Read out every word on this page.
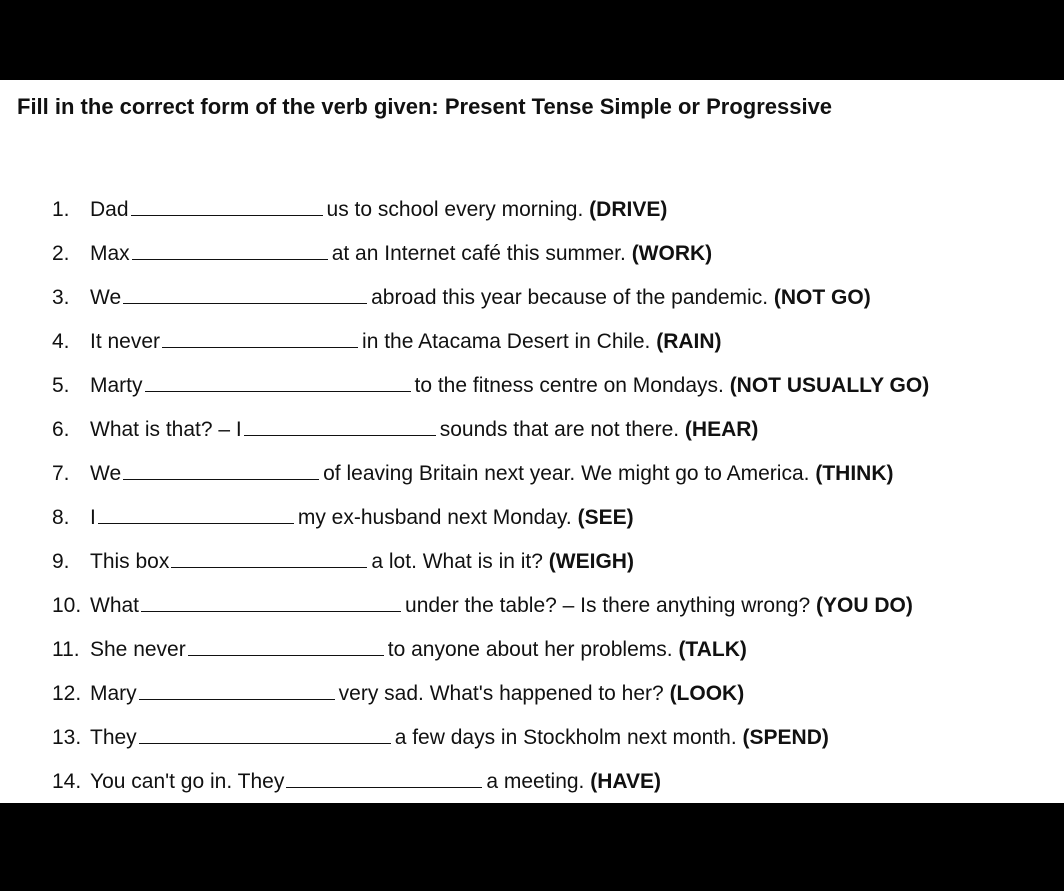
Fill in the correct form of the verb given: Present Tense Simple or Progressive
1. Dad	us to school every morning.
(DRIVE)
2. Max	at an Internet café this summer.
(WORK)
3. We	abroad this year because of the pandemic.
(NOT GO)
4. It never	in the Atacama Desert in Chile.
(RAIN)
5. Marty	to the fitness centre on Mondays.
(NOT USUALLY GO)
6. What is that? – I	sounds that are not there.
(HEAR)
7. We	of leaving Britain next year. We might go to America.
(THINK)
8. I	my ex-husband next Monday.
(SEE)
9. This box	a lot. What is in it?
(WEIGH)
10. What	under the table? – Is there anything wrong?
(YOU DO)
11. She never	to anyone about her problems.
(TALK)
12. Mary	very sad. What's happened to her?
(LOOK)
13. They	a few days in Stockholm next month.
(SPEND)
14. You can't go in. They	a meeting.
(HAVE)
